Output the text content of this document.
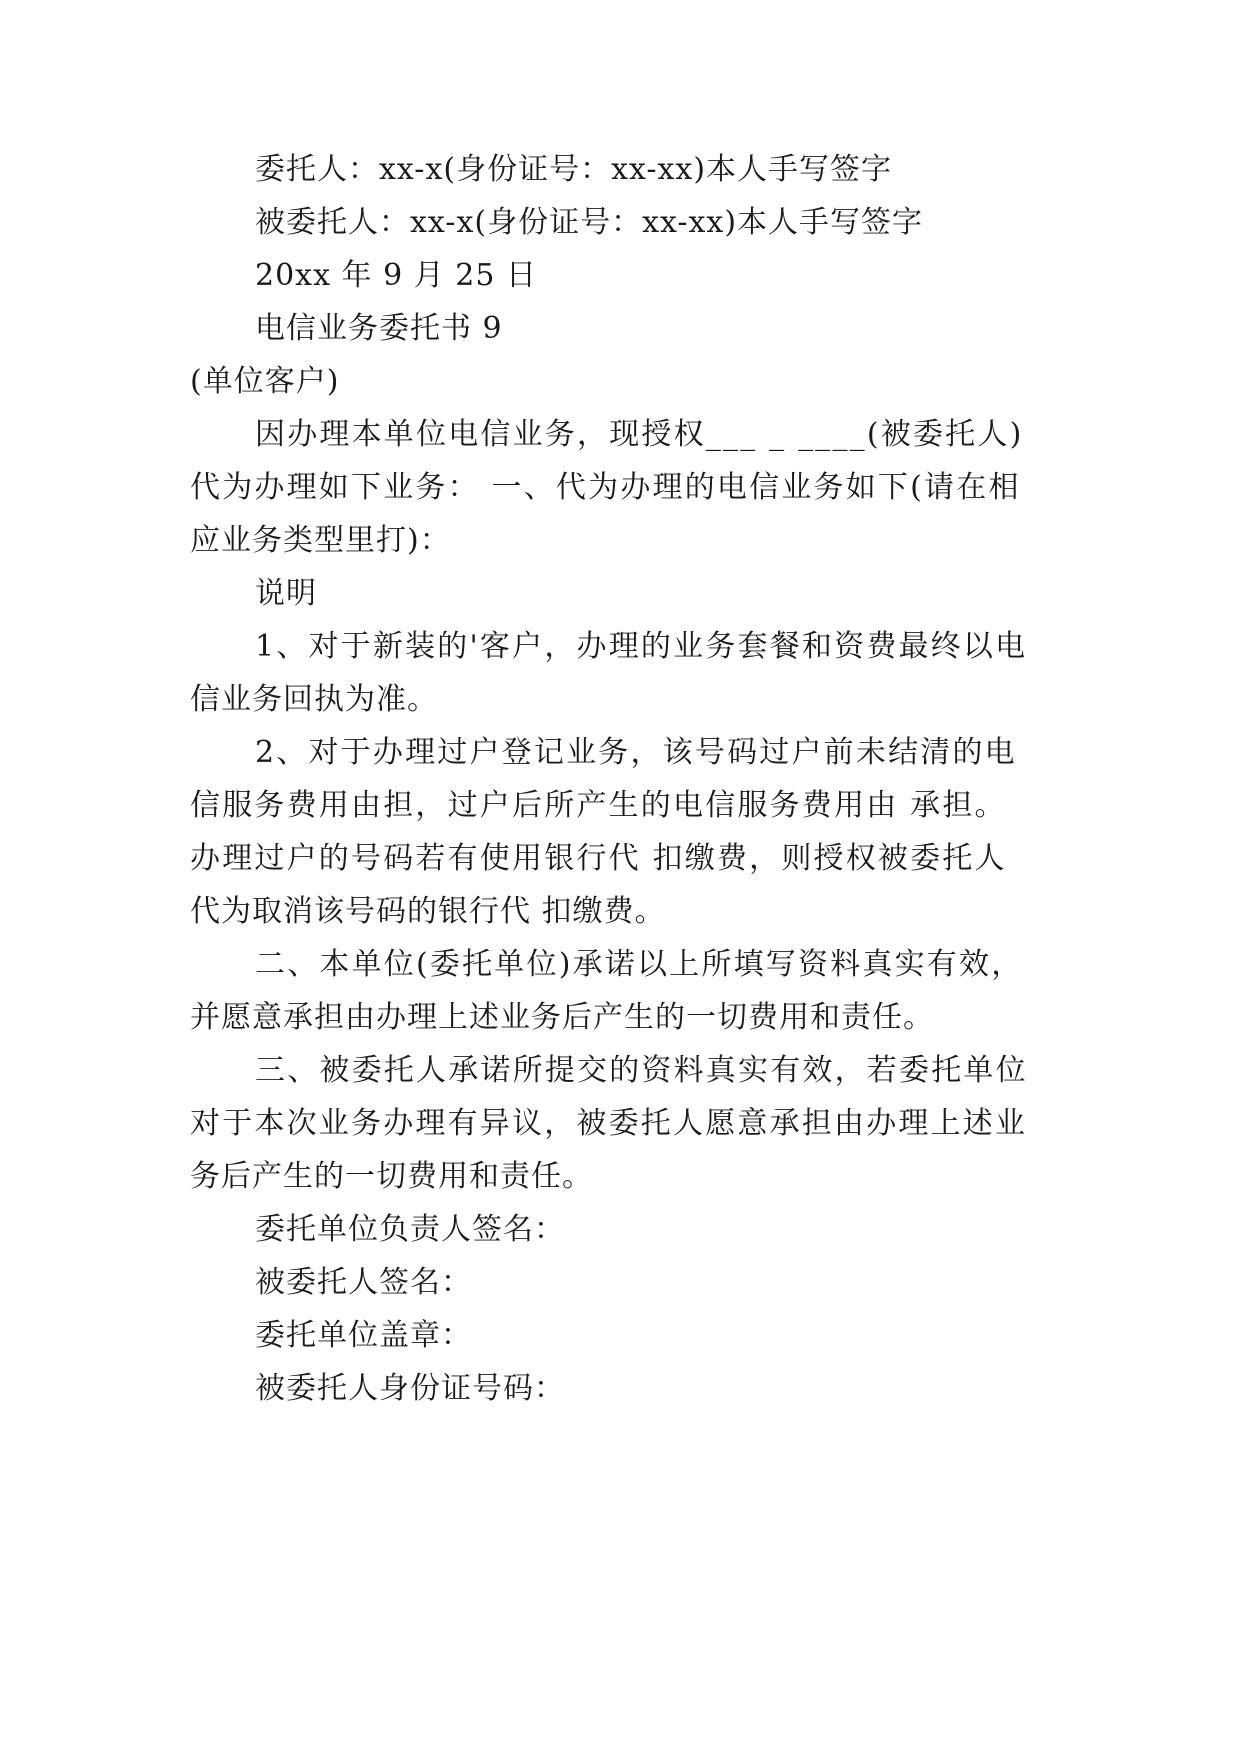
委托人：xx-x(身份证号：xx-xx)本人手写签字
被委托人：xx-x(身份证号：xx-xx)本人手写签字
20xx 年 9 月 25 日
电信业务委托书 9
(单位客户)
因办理本单位电信业务，现授权___ _ ____(被委托人)
代为办理如下业务： 一、代为办理的电信业务如下(请在相
应业务类型里打)：
说明
1、对于新装的'客户，办理的业务套餐和资费最终以电
信业务回执为准。
2、对于办理过户登记业务，该号码过户前未结清的电
信服务费用由担，过户后所产生的电信服务费用由 承担。
办理过户的号码若有使用银行代 扣缴费，则授权被委托人
代为取消该号码的银行代 扣缴费。
二、本单位(委托单位)承诺以上所填写资料真实有效，
并愿意承担由办理上述业务后产生的一切费用和责任。
三、被委托人承诺所提交的资料真实有效，若委托单位
对于本次业务办理有异议，被委托人愿意承担由办理上述业
务后产生的一切费用和责任。
委托单位负责人签名：
被委托人签名：
委托单位盖章：
被委托人身份证号码：
